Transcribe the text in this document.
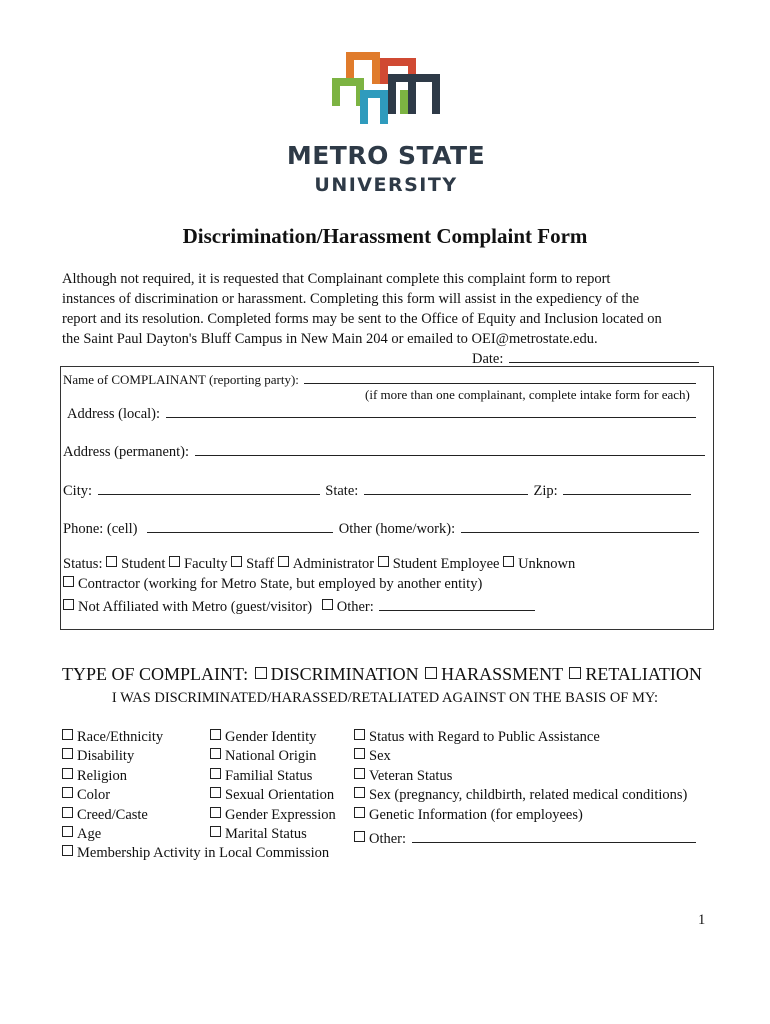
METRO STATE
UNIVERSITY
Discrimination/Harassment Complaint Form
Although not required, it is requested that Complainant complete this complaint form to report
instances of discrimination or harassment. Completing this form will assist in the expediency of the
report and its resolution. Completed forms may be sent to the Office of Equity and Inclusion located on
the Saint Paul Dayton's Bluff Campus in New Main 204 or emailed to OEI@metrostate.edu.
Date:
Name of COMPLAINANT (reporting party):
(if more than one complainant, complete intake form for each)
Address (local):
Address (permanent):
City:	State:	Zip:
Phone: (cell)	Other (home/work):
Status: Student Faculty Staff Administrator Student Employee Unknown
Contractor (working for Metro State, but employed by another entity)
Not Affiliated with Metro (guest/visitor) Other:
TYPE OF COMPLAINT: DISCRIMINATION HARASSMENT RETALIATION
I WAS DISCRIMINATED/HARASSED/RETALIATED AGAINST ON THE BASIS OF MY:
Race/Ethnicity
Disability
Religion
Color
Creed/Caste
Age
Membership Activity in Local Commission
Gender Identity
National Origin
Familial Status
Sexual Orientation
Gender Expression
Marital Status
Status with Regard to Public Assistance
Sex
Veteran Status
Sex (pregnancy, childbirth, related medical conditions)
Genetic Information (for employees)
Other:
1
